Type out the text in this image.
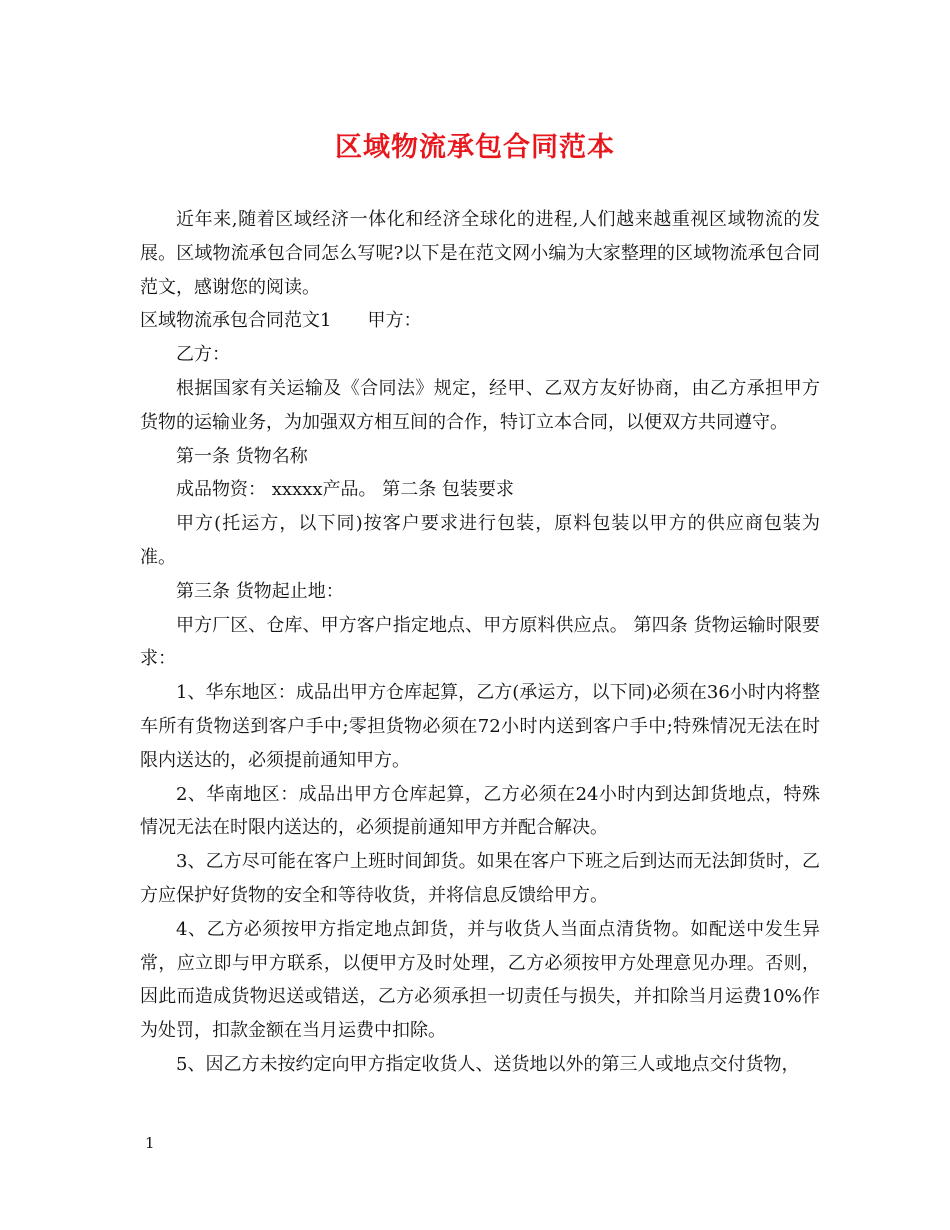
区域物流承包合同范本

近年来,随着区域经济一体化和经济全球化的进程,人们越来越重视区域物流的发展。区域物流承包合同怎么写呢?以下是在范文网小编为大家整理的区域物流承包合同范文，感谢您的阅读。

区域物流承包合同范文1　　甲方：

乙方：

根据国家有关运输及《合同法》规定，经甲、乙双方友好协商，由乙方承担甲方货物的运输业务，为加强双方相互间的合作，特订立本合同，以便双方共同遵守。

第一条 货物名称

成品物资： xxxxx产品。 第二条 包装要求

甲方(托运方，以下同)按客户要求进行包装，原料包装以甲方的供应商包装为准。

第三条 货物起止地：

甲方厂区、仓库、甲方客户指定地点、甲方原料供应点。 第四条 货物运输时限要求：

1、华东地区：成品出甲方仓库起算，乙方(承运方，以下同)必须在36小时内将整车所有货物送到客户手中;零担货物必须在72小时内送到客户手中;特殊情况无法在时限内送达的，必须提前通知甲方。

2、华南地区：成品出甲方仓库起算，乙方必须在24小时内到达卸货地点，特殊情况无法在时限内送达的，必须提前通知甲方并配合解决。

3、乙方尽可能在客户上班时间卸货。如果在客户下班之后到达而无法卸货时，乙方应保护好货物的安全和等待收货，并将信息反馈给甲方。

4、乙方必须按甲方指定地点卸货，并与收货人当面点清货物。如配送中发生异常，应立即与甲方联系，以便甲方及时处理，乙方必须按甲方处理意见办理。否则，因此而造成货物迟送或错送，乙方必须承担一切责任与损失，并扣除当月运费10%作为处罚，扣款金额在当月运费中扣除。

5、因乙方未按约定向甲方指定收货人、送货地以外的第三人或地点交付货物，

1
